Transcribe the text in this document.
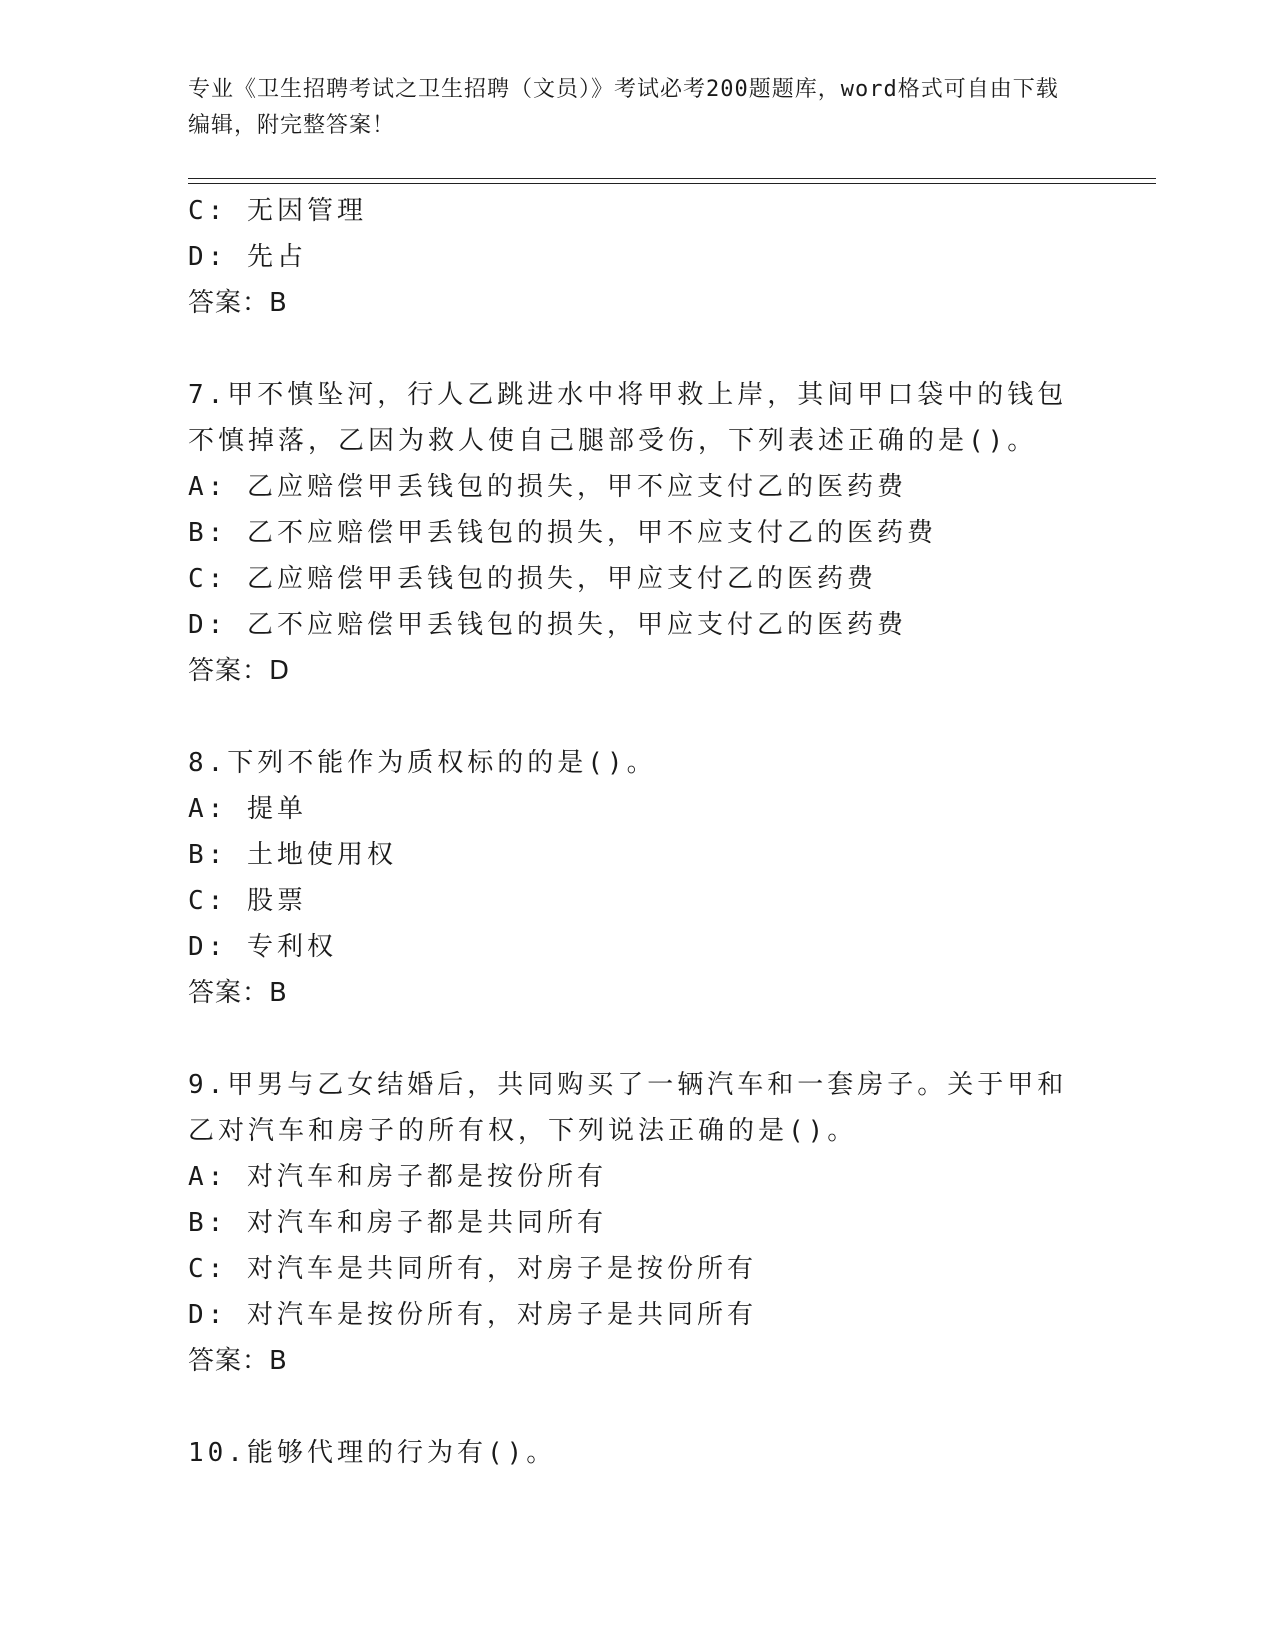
专业《卫生招聘考试之卫生招聘（文员）》考试必考200题题库，word格式可自由下载编辑，附完整答案！
C: 无因管理
D: 先占
答案：B
7.甲不慎坠河，行人乙跳进水中将甲救上岸，其间甲口袋中的钱包不慎掉落，乙因为救人使自己腿部受伤，下列表述正确的是()。
A: 乙应赔偿甲丢钱包的损失，甲不应支付乙的医药费
B: 乙不应赔偿甲丢钱包的损失，甲不应支付乙的医药费
C: 乙应赔偿甲丢钱包的损失，甲应支付乙的医药费
D: 乙不应赔偿甲丢钱包的损失，甲应支付乙的医药费
答案：D
8.下列不能作为质权标的的是()。
A: 提单
B: 土地使用权
C: 股票
D: 专利权
答案：B
9.甲男与乙女结婚后，共同购买了一辆汽车和一套房子。关于甲和乙对汽车和房子的所有权，下列说法正确的是()。
A: 对汽车和房子都是按份所有
B: 对汽车和房子都是共同所有
C: 对汽车是共同所有，对房子是按份所有
D: 对汽车是按份所有，对房子是共同所有
答案：B
10.能够代理的行为有()。
